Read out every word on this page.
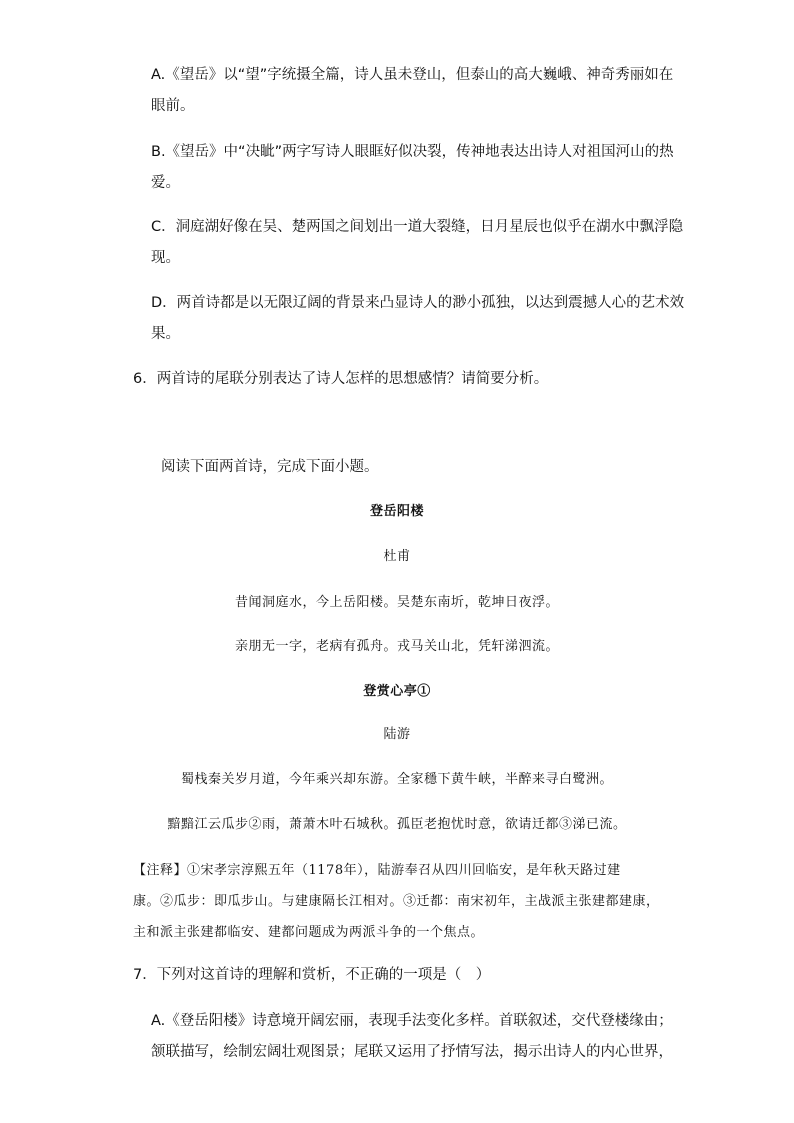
A.《望岳》以“望”字统摄全篇，诗人虽未登山，但泰山的高大巍峨、神奇秀丽如在
眼前。
B.《望岳》中“决眦”两字写诗人眼眶好似决裂，传神地表达出诗人对祖国河山的热
爱。
C．洞庭湖好像在吴、楚两国之间划出一道大裂缝，日月星辰也似乎在湖水中飘浮隐
现。
D．两首诗都是以无限辽阔的背景来凸显诗人的渺小孤独，以达到震撼人心的艺术效
果。
6．两首诗的尾联分别表达了诗人怎样的思想感情？请简要分析。
阅读下面两首诗，完成下面小题。
登岳阳楼
杜甫
昔闻洞庭水，今上岳阳楼。吴楚东南圻，乾坤日夜浮。
亲朋无一字，老病有孤舟。戎马关山北，凭轩涕泗流。
登赏心亭①
陆游
蜀栈秦关岁月道，今年乘兴却东游。全家穩下黄牛峡，半醉来寻白鹭洲。
黯黯江云瓜步②雨，萧萧木叶石城秋。孤臣老抱忧时意，欲请迁都③涕已流。
【注释】①宋孝宗淳熙五年（1178年），陆游奉召从四川回临安，是年秋天路过建
康。②瓜步：即瓜步山。与建康隔长江相对。③迁都：南宋初年，主战派主张建都建康，
主和派主张建都临安、建都问题成为两派斗争的一个焦点。
7．下列对这首诗的理解和赏析，不正确的一项是（　）
A.《登岳阳楼》诗意境开阔宏丽，表现手法变化多样。首联叙述，交代登楼缘由；
颔联描写，绘制宏阔壮观图景；尾联又运用了抒情写法，揭示出诗人的内心世界，
